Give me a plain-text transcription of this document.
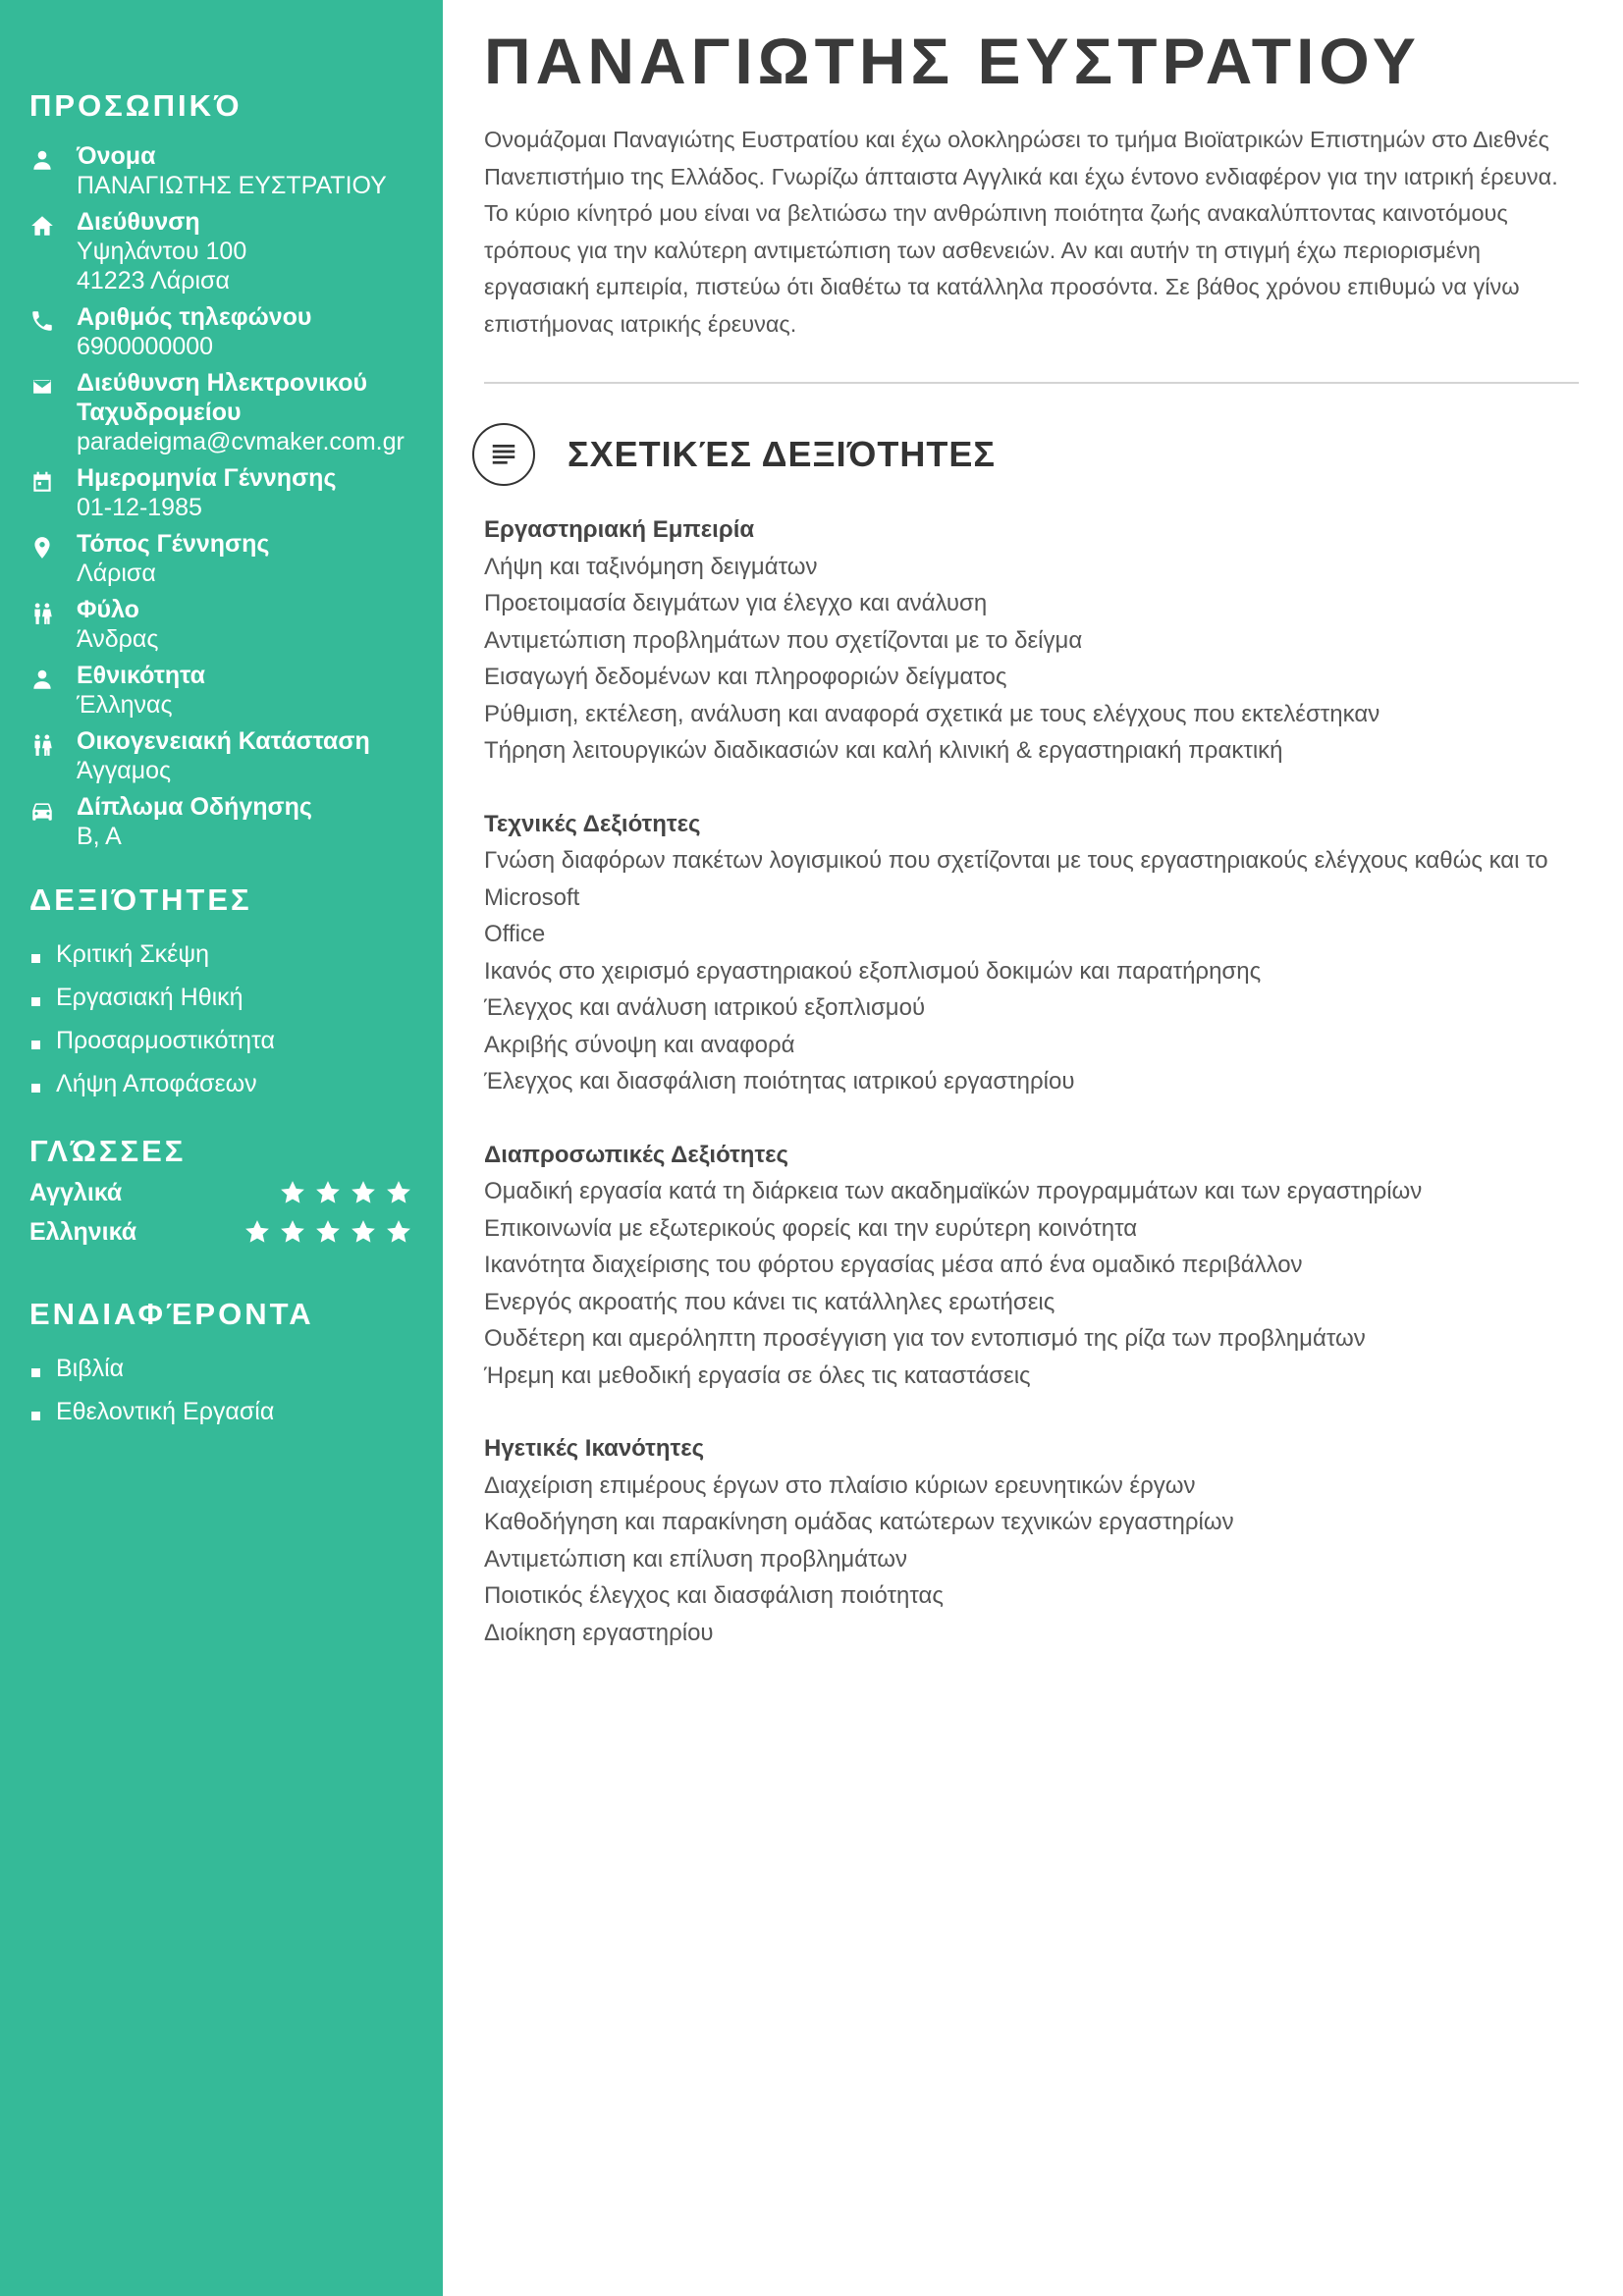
ΠΡΟΣΩΠΙΚΌ
Όνομα
ΠΑΝΑΓΙΩΤΗΣ ΕΥΣΤΡΑΤΙΟΥ
Διεύθυνση
Υψηλάντου 100
41223 Λάρισα
Αριθμός τηλεφώνου
6900000000
Διεύθυνση Ηλεκτρονικού Ταχυδρομείου
paradeigma@cvmaker.com.gr
Ημερομηνία Γέννησης
01-12-1985
Τόπος Γέννησης
Λάρισα
Φύλο
Άνδρας
Εθνικότητα
Έλληνας
Οικογενειακή Κατάσταση
Άγγαμος
Δίπλωμα Οδήγησης
Β, Α
ΔΕΞΙΌΤΗΤΕΣ
Κριτική Σκέψη
Εργασιακή Ηθική
Προσαρμοστικότητα
Λήψη Αποφάσεων
ΓΛΏΣΣΕΣ
Αγγλικά
Ελληνικά
ΕΝΔΙΑΦΈΡΟΝΤΑ
Βιβλία
Εθελοντική Εργασία
ΠΑΝΑΓΙΩΤΗΣ ΕΥΣΤΡΑΤΙΟΥ

Ονομάζομαι Παναγιώτης Ευστρατίου και έχω ολοκληρώσει το τμήμα Βιοϊατρικών Επιστημών στο Διεθνές Πανεπιστήμιο της Ελλάδος. Γνωρίζω άπταιστα Αγγλικά και έχω έντονο ενδιαφέρον για την ιατρική έρευνα. Το κύριο κίνητρό μου είναι να βελτιώσω την ανθρώπινη ποιότητα ζωής ανακαλύπτοντας καινοτόμους τρόπους για την καλύτερη αντιμετώπιση των ασθενειών. Αν και αυτήν τη στιγμή έχω περιορισμένη εργασιακή εμπειρία, πιστεύω ότι διαθέτω τα κατάλληλα προσόντα. Σε βάθος χρόνου επιθυμώ να γίνω επιστήμονας ιατρικής έρευνας.

ΣΧΕΤΙΚΈΣ ΔΕΞΙΌΤΗΤΕΣ
Εργαστηριακή Εμπειρία
Λήψη και ταξινόμηση δειγμάτων
Προετοιμασία δειγμάτων για έλεγχο και ανάλυση
Αντιμετώπιση προβλημάτων που σχετίζονται με το δείγμα
Εισαγωγή δεδομένων και πληροφοριών δείγματος
Ρύθμιση, εκτέλεση, ανάλυση και αναφορά σχετικά με τους ελέγχους που εκτελέστηκαν
Τήρηση λειτουργικών διαδικασιών και καλή κλινική & εργαστηριακή πρακτική
Τεχνικές Δεξιότητες
Γνώση διαφόρων πακέτων λογισμικού που σχετίζονται με τους εργαστηριακούς ελέγχους καθώς και το Microsoft
Office
Ικανός στο χειρισμό εργαστηριακού εξοπλισμού δοκιμών και παρατήρησης
Έλεγχος και ανάλυση ιατρικού εξοπλισμού
Ακριβής σύνοψη και αναφορά
Έλεγχος και διασφάλιση ποιότητας ιατρικού εργαστηρίου
Διαπροσωπικές Δεξιότητες
Ομαδική εργασία κατά τη διάρκεια των ακαδημαϊκών προγραμμάτων και των εργαστηρίων
Επικοινωνία με εξωτερικούς φορείς και την ευρύτερη κοινότητα
Ικανότητα διαχείρισης του φόρτου εργασίας μέσα από ένα ομαδικό περιβάλλον
Ενεργός ακροατής που κάνει τις κατάλληλες ερωτήσεις
Ουδέτερη και αμερόληπτη προσέγγιση για τον εντοπισμό της ρίζα των προβλημάτων
Ήρεμη και μεθοδική εργασία σε όλες τις καταστάσεις
Ηγετικές Ικανότητες
Διαχείριση επιμέρους έργων στο πλαίσιο κύριων ερευνητικών έργων
Καθοδήγηση και παρακίνηση ομάδας κατώτερων τεχνικών εργαστηρίων
Αντιμετώπιση και επίλυση προβλημάτων
Ποιοτικός έλεγχος και διασφάλιση ποιότητας
Διοίκηση εργαστηρίου
